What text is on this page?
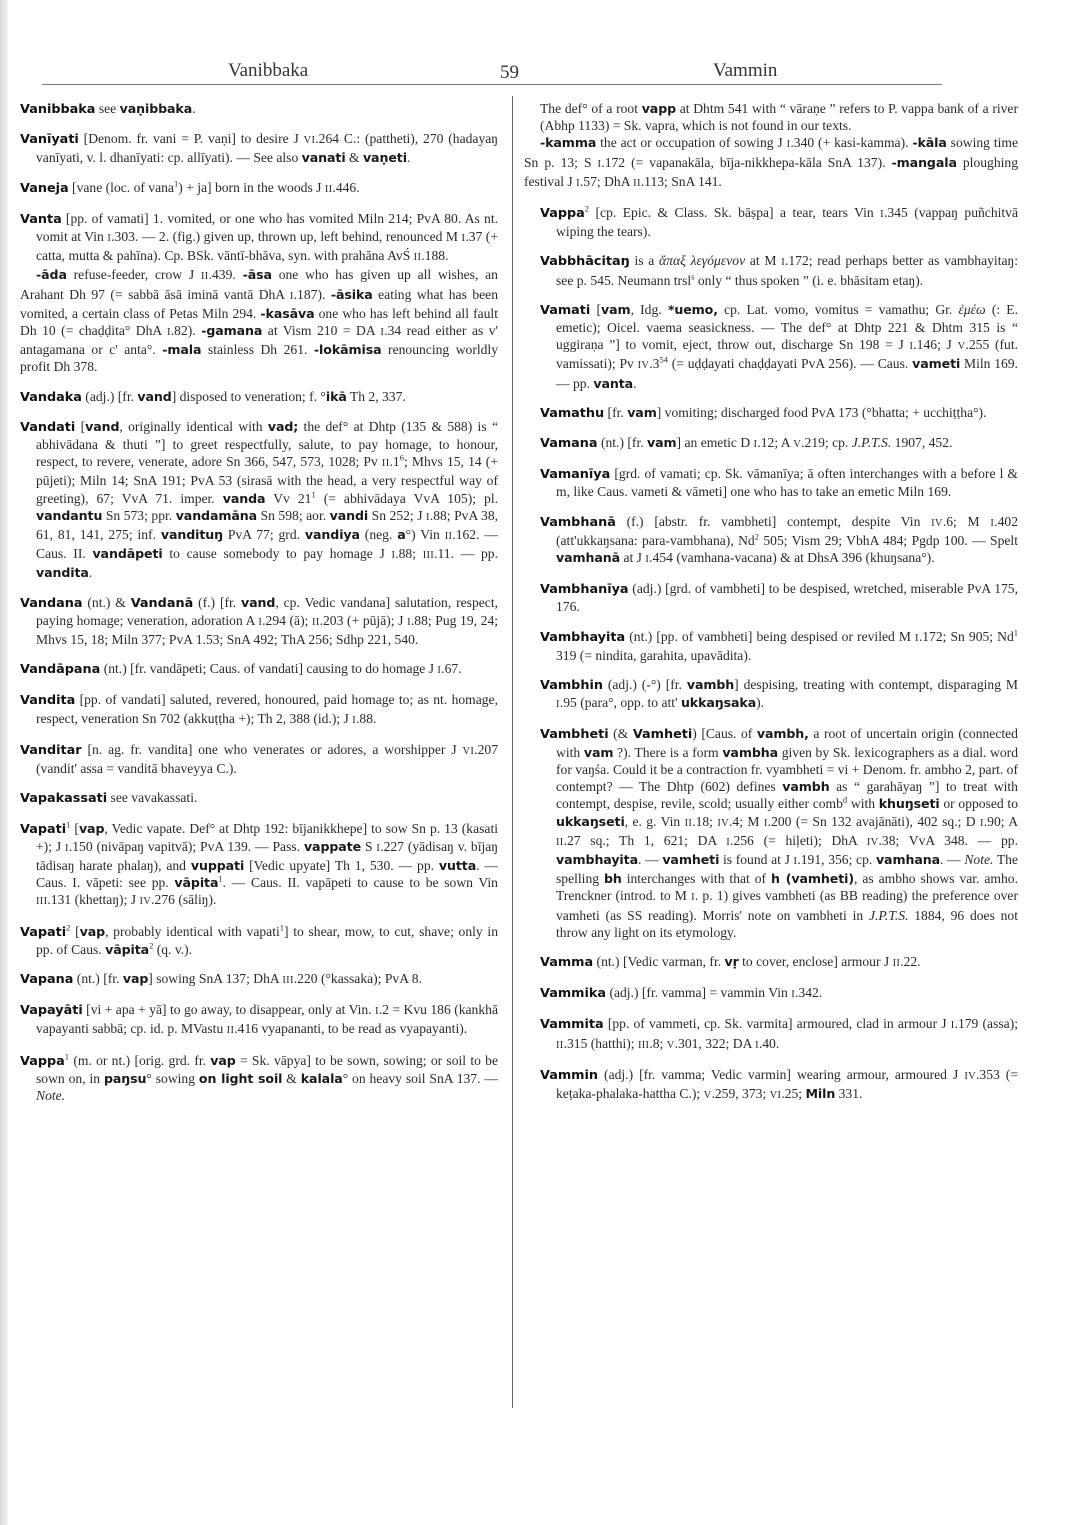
Vanibbaka	59	Vammin

Vanibbaka see vaṇibbaka.

Vanīyati [Denom. fr. vani = P. vaṇi] to desire J VI.264 C.: (pattheti), 270 (hadayaŋ vanīyati, v. l. dhanīyati: cp. allīyati). — See also vanati & vaṇeti.

Vaneja [vane (loc. of vana$^1$) + ja] born in the woods J II.446.

Vanta [pp. of vamati] 1. vomited, or one who has vomited Miln 214; PvA 80. As nt. vomit at Vin I.303. — 2. (fig.) given up, thrown up, left behind, renounced M I.37 (+ catta, mutta & pahīna). Cp. BSk. vāntī-bhāva, syn. with prahāna AvŚ II.188.
-āda refuse-feeder, crow J II.439. -āsa one who has given up all wishes, an Arahant Dh 97 (= sabbā āsā iminā vantā DhA I.187). -āsika eating what has been vomited, a certain class of Petas Miln 294. -kasāva one who has left behind all fault Dh 10 (= chaḍḍita° DhA I.82). -gamana at Vism 210 = DA I.34 read either as v' antagamana or c' anta°. -mala stainless Dh 261. -lokāmisa renouncing worldly profit Dh 378.

Vandaka (adj.) [fr. vand] disposed to veneration; f. °ikā Th 2, 337.

Vandati [vand, originally identical with vad; the def° at Dhtp (135 & 588) is “ abhivādana & thuti ”] to greet respectfully, salute, to pay homage, to honour, respect, to revere, venerate, adore Sn 366, 547, 573, 1028; Pv $II.1^6$; Mhvs 15, 14 (+ pūjeti); Miln 14; SnA 191; PvA 53 (sirasā with the head, a very respectful way of greeting), 67; VvA 71. imper. vanda Vv $21^1$ (= abhivādaya VvA 105); pl. vandantu Sn 573; ppr. vandamāna Sn 598; aor. vandi Sn 252; J I.88; PvA 38, 61, 81, 141, 275; inf. vandituŋ PvA 77; grd. vandiya (neg. a°) Vin II.162. — Caus. II. vandāpeti to cause somebody to pay homage J I.88; III.11. — pp. vandita.

Vandana (nt.) & Vandanā (f.) [fr. vand, cp. Vedic vandana] salutation, respect, paying homage; veneration, adoration A I.294 (ā); II.203 (+ pūjā); J I.88; Pug 19, 24; Mhvs 15, 18; Miln 377; PvA 1.53; SnA 492; ThA 256; Sdhp 221, 540.

Vandāpana (nt.) [fr. vandāpeti; Caus. of vandati] causing to do homage J I.67.

Vandita [pp. of vandati] saluted, revered, honoured, paid homage to; as nt. homage, respect, veneration Sn 702 (akkuṭṭha +); Th 2, 388 (id.); J I.88.

Vanditar [n. ag. fr. vandita] one who venerates or adores, a worshipper J VI.207 (vandit' assa = vanditā bhaveyya C.).

Vapakassati see vavakassati.

Vapati$^1$ [vap, Vedic vapate. Def° at Dhtp 192: bījanikkhepe] to sow Sn p. 13 (kasati +); J I.150 (nivāpaŋ vapitvā); PvA 139. — Pass. vappate S I.227 (yādisaŋ v. bījaŋ tādisaŋ harate phalaŋ), and vuppati [Vedic upyate] Th 1, 530. — pp. vutta. — Caus. I. vāpeti: see pp. vāpita$^1$. — Caus. II. vapāpeti to cause to be sown Vin III.131 (khettaŋ); J IV.276 (sāliŋ).

Vapati$^2$ [vap, probably identical with vapati$^1$] to shear, mow, to cut, shave; only in pp. of Caus. vāpita$^2$ (q. v.).

Vapana (nt.) [fr. vap] sowing SnA 137; DhA III.220 (°kassaka); PvA 8.

Vapayāti [vi + apa + yā] to go away, to disappear, only at Vin. I.2 = Kvu 186 (kankhā vapayanti sabbā; cp. id. p. MVastu II.416 vyapananti, to be read as vyapayanti).

Vappa$^1$ (m. or nt.) [orig. grd. fr. vap = Sk. vāpya] to be sown, sowing; or soil to be sown on, in paŋsu° sowing on light soil & kalala° on heavy soil SnA 137. — Note.

The def° of a root vapp at Dhtm 541 with “ vāraṇe ” refers to P. vappa bank of a river (Abhp 1133) = Sk. vapra, which is not found in our texts.
-kamma the act or occupation of sowing J I.340 (+ kasi-kamma). -kāla sowing time Sn p. 13; S I.172 (= vapanakāla, bīja-nikkhepa-kāla SnA 137). -mangala ploughing festival J I.57; DhA II.113; SnA 141.

Vappa$^2$ [cp. Epic. & Class. Sk. bāṣpa] a tear, tears Vin I.345 (vappaŋ puñchitvā wiping the tears).

Vabbhācitaŋ is a ἅπαξ λεγόμενον at M I.172; read perhaps better as vambhayitaŋ: see p. 545. Neumann trsl$^s$ only “ thus spoken ” (i. e. bhāsitam etaŋ).

Vamati [vam, Idg. *uemo, cp. Lat. vomo, vomitus = vamathu; Gr. ἐμέω (: E. emetic); Oicel. vaema seasickness. — The def° at Dhtp 221 & Dhtm 315 is “ uggiraṇa ”] to vomit, eject, throw out, discharge Sn 198 = J I.146; J V.255 (fut. vamissati); Pv $IV.3^{54}$ (= uḍḍayati chaḍḍayati PvA 256). — Caus. vameti Miln 169. — pp. vanta.

Vamathu [fr. vam] vomiting; discharged food PvA 173 (°bhatta; + ucchiṭṭha°).

Vamana (nt.) [fr. vam] an emetic D I.12; A V.219; cp. J.P.T.S. 1907, 452.

Vamanīya [grd. of vamati; cp. Sk. vāmanīya; ā often interchanges with a before l & m, like Caus. vameti & vāmeti] one who has to take an emetic Miln 169.

Vambhanā (f.) [abstr. fr. vambheti] contempt, despite Vin IV.6; M I.402 (att'ukkaŋsana: para-vambhana), Nd$^2$ 505; Vism 29; VbhA 484; Pgdp 100. — Spelt vamhanā at J I.454 (vamhana-vacana) & at DhsA 396 (khuŋsana°).

Vambhanīya (adj.) [grd. of vambheti] to be despised, wretched, miserable PvA 175, 176.

Vambhayita (nt.) [pp. of vambheti] being despised or reviled M I.172; Sn 905; Nd$^1$ 319 (= nindita, garahita, upavādita).

Vambhin (adj.) (-°) [fr. vambh] despising, treating with contempt, disparaging M I.95 (para°, opp. to att' ukkaŋsaka).

Vambheti (& Vamheti) [Caus. of vambh, a root of uncertain origin (connected with vam ?). There is a form vambha given by Sk. lexicographers as a dial. word for vaŋśa. Could it be a contraction fr. vyambheti = vi + Denom. fr. ambho 2, part. of contempt? — The Dhtp (602) defines vambh as “ garahāyaŋ ”] to treat with contempt, despise, revile, scold; usually either comb$^d$ with khuŋseti or opposed to ukkaŋseti, e. g. Vin II.18; IV.4; M I.200 (= Sn 132 avajānāti), 402 sq.; D I.90; A II.27 sq.; Th 1, 621; DA I.256 (= hiḷeti); DhA IV.38; VvA 348. — pp. vambhayita. — vamheti is found at J I.191, 356; cp. vamhana. — Note. The spelling bh interchanges with that of h (vamheti), as ambho shows var. amho. Trenckner (introd. to M I. p. 1) gives vambheti (as BB reading) the preference over vamheti (as SS reading). Morris' note on vambheti in J.P.T.S. 1884, 96 does not throw any light on its etymology.

Vamma (nt.) [Vedic varman, fr. vṛ to cover, enclose] armour J II.22.

Vammika (adj.) [fr. vamma] = vammin Vin I.342.

Vammita [pp. of vammeti, cp. Sk. varmita] armoured, clad in armour J I.179 (assa); II.315 (hatthi); III.8; V.301, 322; DA I.40.

Vammin (adj.) [fr. vamma; Vedic varmin] wearing armour, armoured J IV.353 (= keṭaka-phalaka-hattha C.); V.259, 373; VI.25; Miln 331.
